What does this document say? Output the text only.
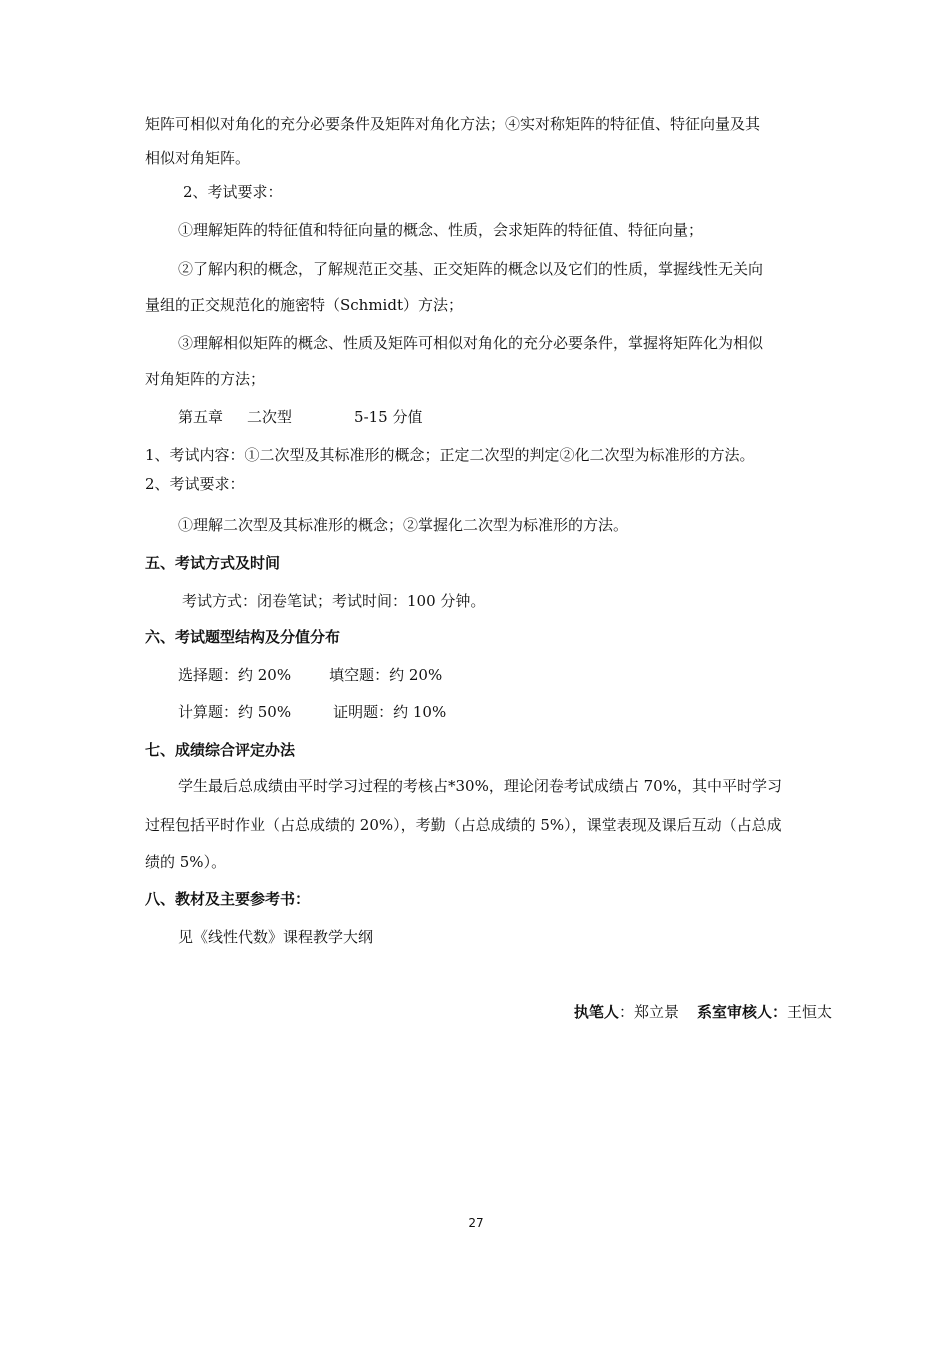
矩阵可相似对角化的充分必要条件及矩阵对角化方法；④实对称矩阵的特征值、特征向量及其
相似对角矩阵。
2、考试要求：
①理解矩阵的特征值和特征向量的概念、性质，会求矩阵的特征值、特征向量；
②了解内积的概念，了解规范正交基、正交矩阵的概念以及它们的性质，掌握线性无关向
量组的正交规范化的施密特（Schmidt）方法；
③理解相似矩阵的概念、性质及矩阵可相似对角化的充分必要条件，掌握将矩阵化为相似
对角矩阵的方法；
第五章 二次型	5-15 分值
1、考试内容：①二次型及其标准形的概念；正定二次型的判定②化二次型为标准形的方法。
2、考试要求：
①理解二次型及其标准形的概念；②掌握化二次型为标准形的方法。
五、考试方式及时间
考试方式：闭卷笔试；考试时间：100 分钟。
六、考试题型结构及分值分布
选择题：约 20%	填空题：约 20%
计算题：约 50%	证明题：约 10%
七、成绩综合评定办法
学生最后总成绩由平时学习过程的考核占*30%，理论闭卷考试成绩占 70%，其中平时学习
过程包括平时作业（占总成绩的 20%），考勤（占总成绩的 5%），课堂表现及课后互动（占总成
绩的 5%）。
八、教材及主要参考书：
见《线性代数》课程教学大纲
执笔人：郑立景 系室审核人：王恒太
27
